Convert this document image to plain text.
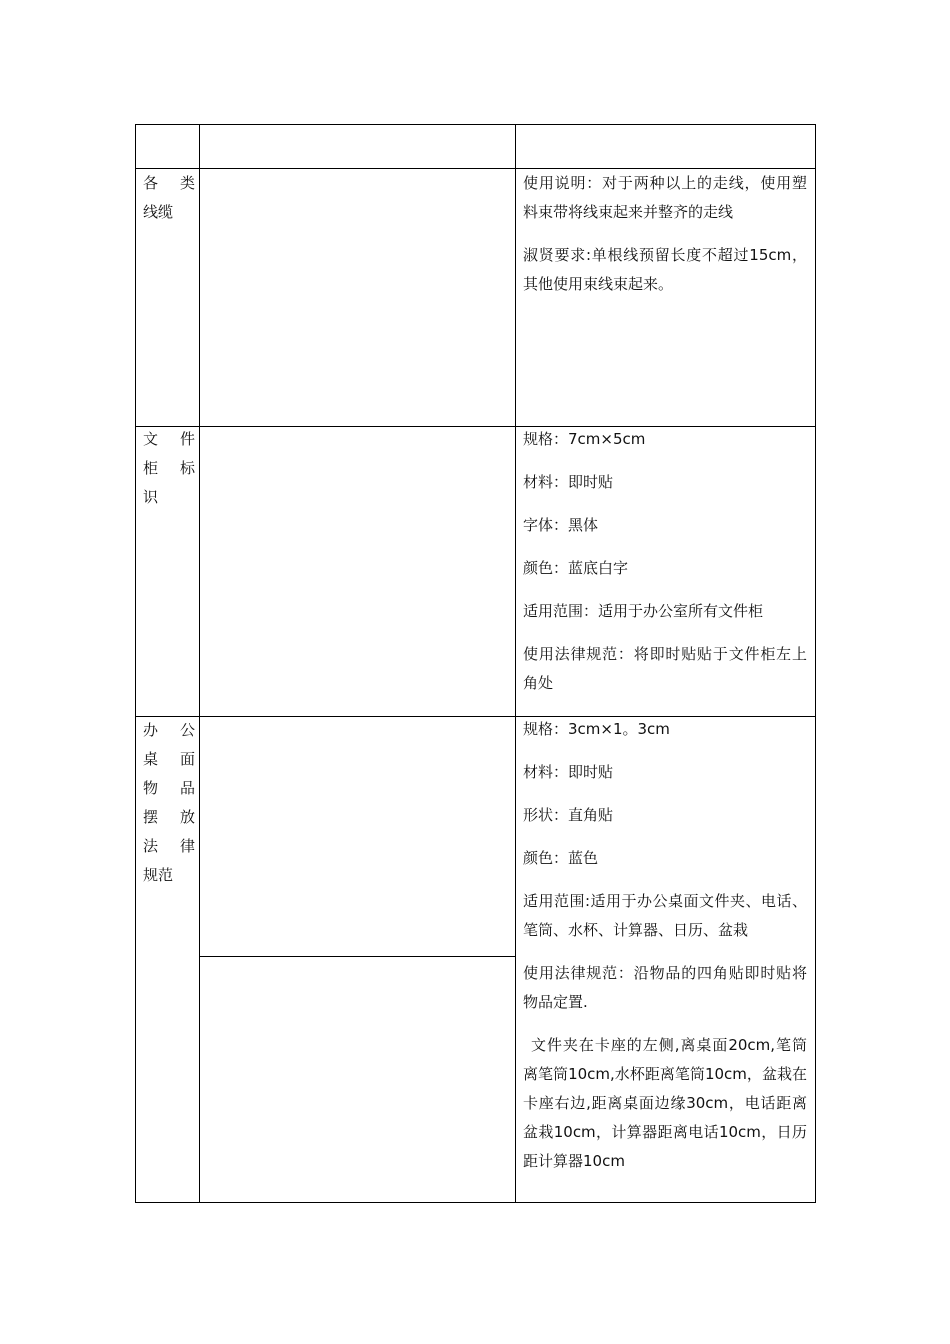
各 类
线缆

使用说明：对于两种以上的走线，使用塑料束带将线束起来并整齐的走线

淑贤要求:单根线预留长度不超过15cm，其他使用束线束起来。

文 件
柜 标
识

规格：7cm×5cm

材料：即时贴

字体：黑体

颜色：蓝底白字

适用范围：适用于办公室所有文件柜

使用法律规范：将即时贴贴于文件柜左上角处

办 公
桌 面
物 品
摆 放
法 律
规范

规格：3cm×1。3cm

材料：即时贴

形状：直角贴

颜色：蓝色

适用范围:适用于办公桌面文件夹、电话、笔筒、水杯、计算器、日历、盆栽

使用法律规范：沿物品的四角贴即时贴将物品定置.

文件夹在卡座的左侧,离桌面20cm,笔筒离笔筒10cm,水杯距离笔筒10cm，盆栽在卡座右边,距离桌面边缘30cm，电话距离盆栽10cm，计算器距离电话10cm，日历距计算器10cm
